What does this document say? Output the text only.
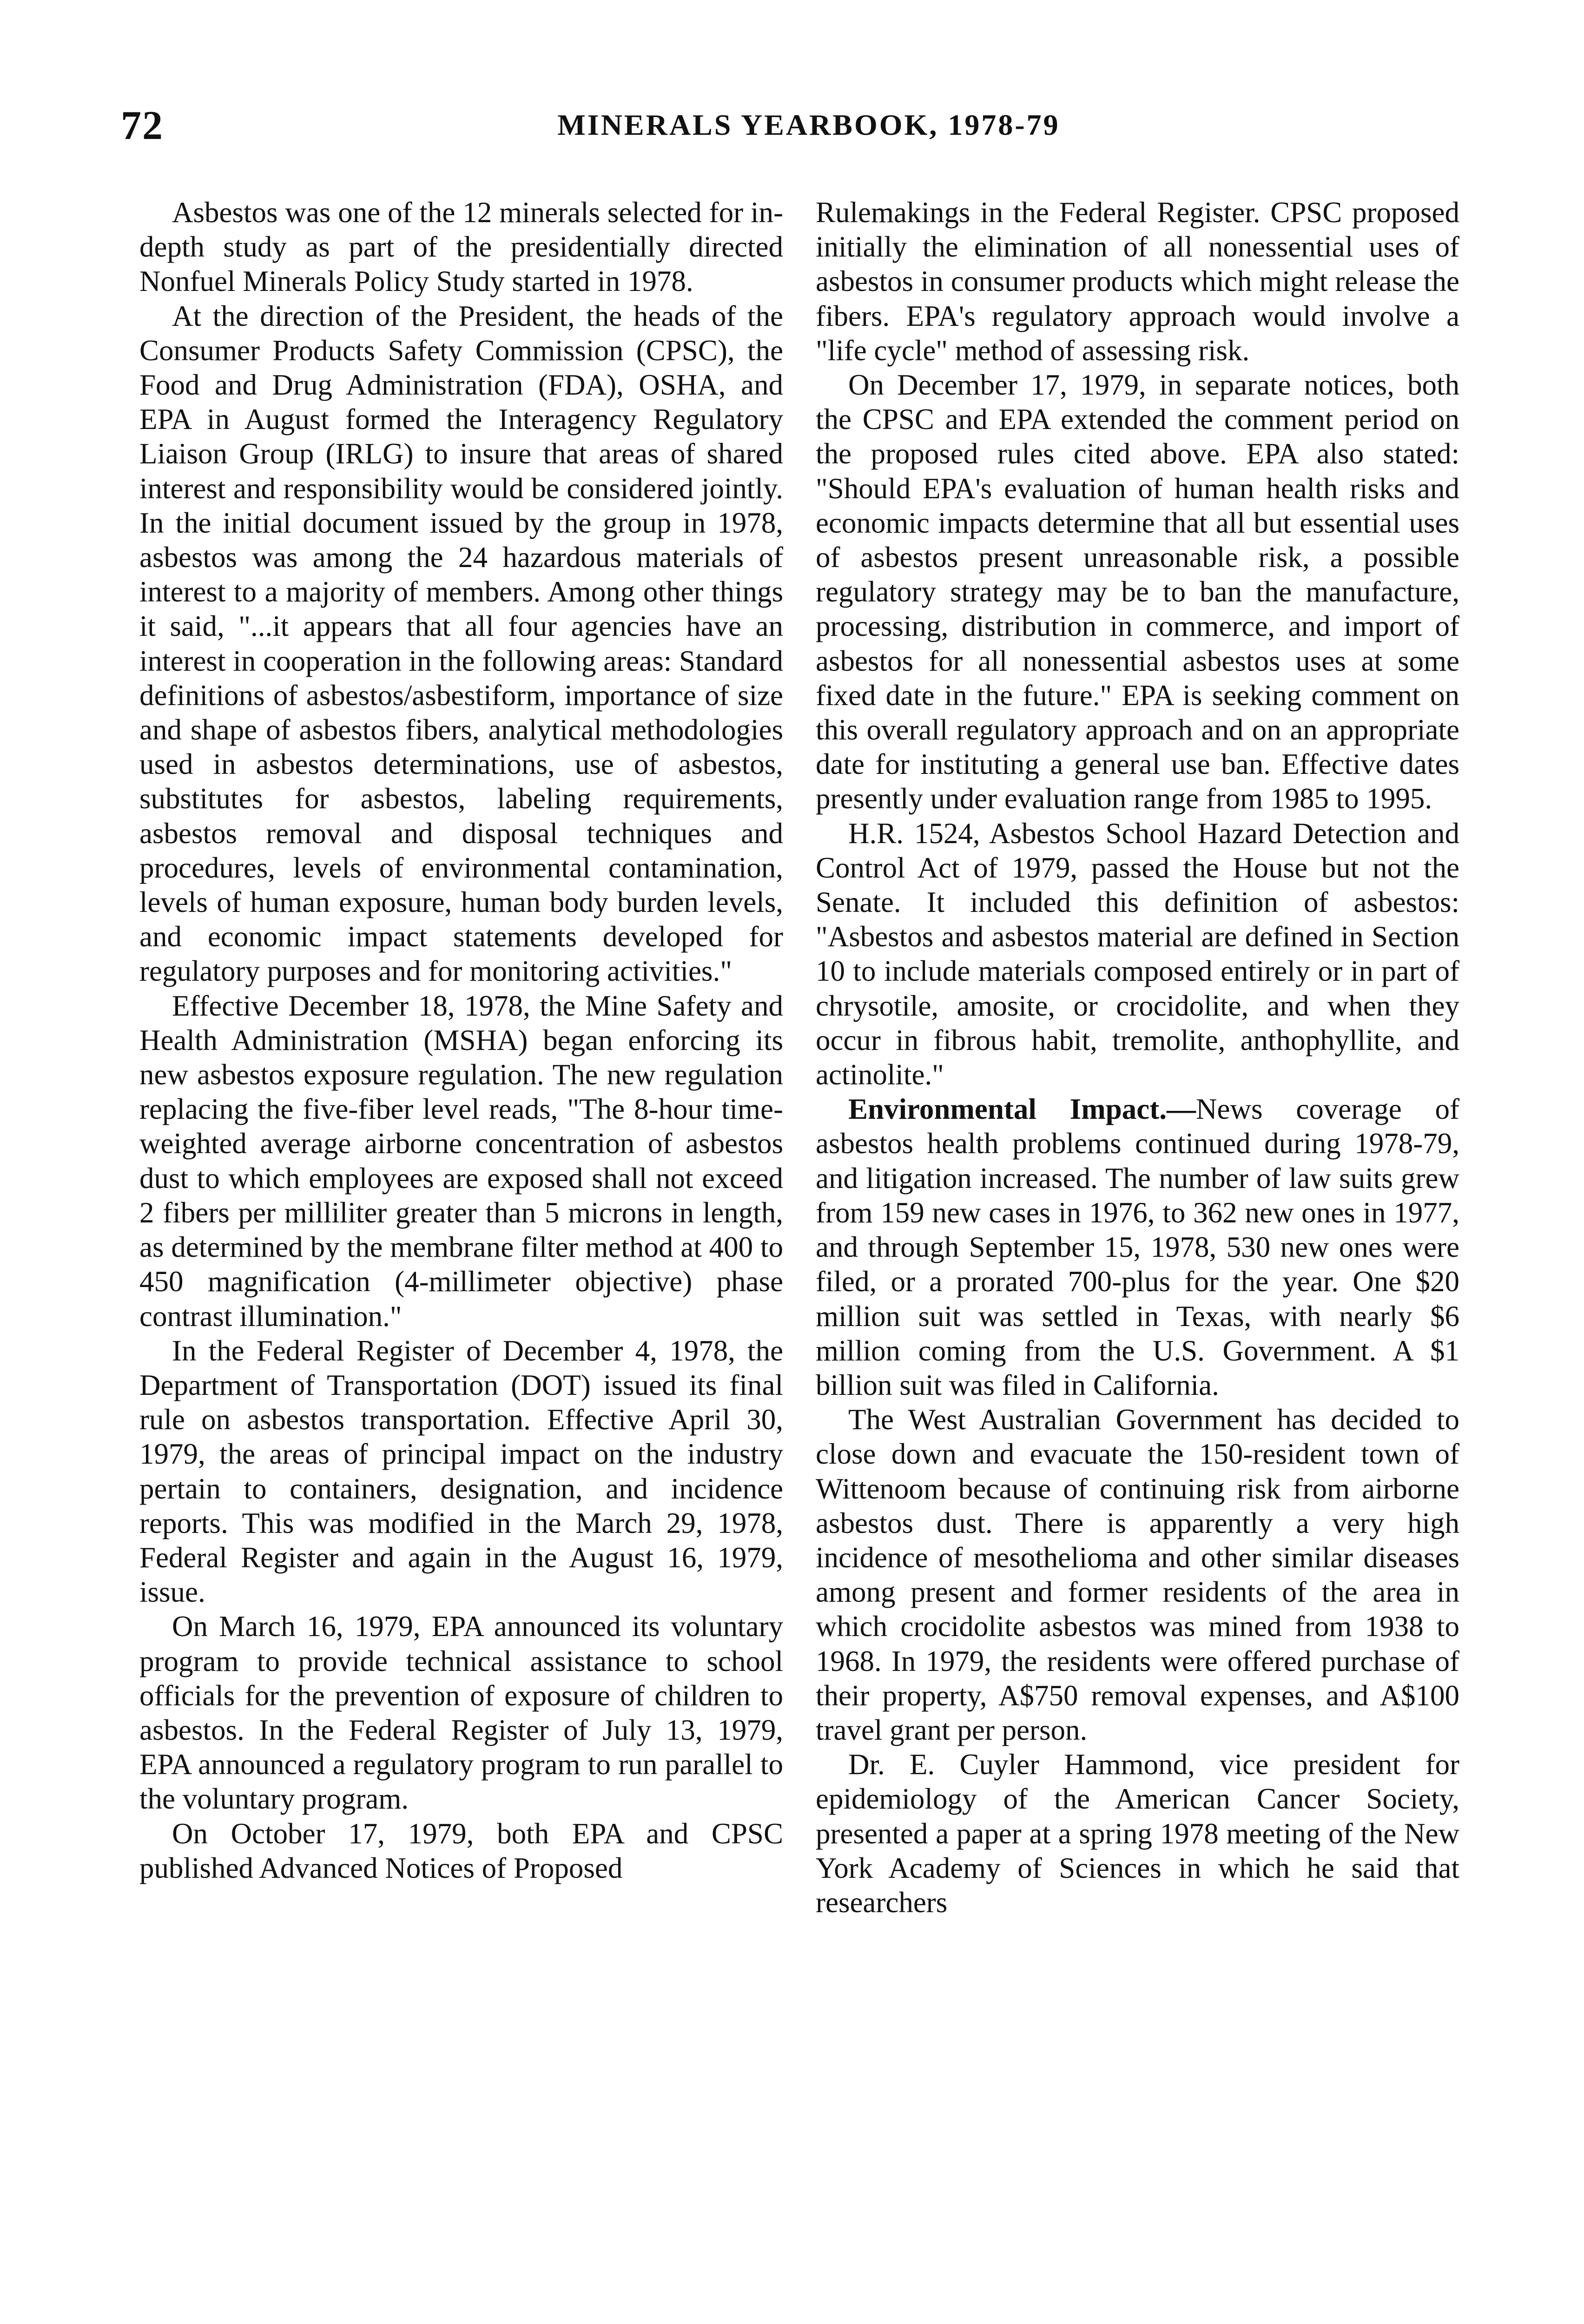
72	MINERALS YEARBOOK, 1978-79

Asbestos was one of the 12 minerals selected for in-depth study as part of the presidentially directed Nonfuel Minerals Policy Study started in 1978.

At the direction of the President, the heads of the Consumer Products Safety Commission (CPSC), the Food and Drug Administration (FDA), OSHA, and EPA in August formed the Interagency Regulatory Liaison Group (IRLG) to insure that areas of shared interest and responsibility would be considered jointly. In the initial document issued by the group in 1978, asbestos was among the 24 hazardous materials of interest to a majority of members. Among other things it said, "...it appears that all four agencies have an interest in cooperation in the following areas: Standard definitions of asbestos/asbestiform, importance of size and shape of asbestos fibers, analytical methodologies used in asbestos determinations, use of asbestos, substitutes for asbestos, labeling requirements, asbestos removal and disposal techniques and procedures, levels of environmental contamination, levels of human exposure, human body burden levels, and economic impact statements developed for regulatory purposes and for monitoring activities."

Effective December 18, 1978, the Mine Safety and Health Administration (MSHA) began enforcing its new asbestos exposure regulation. The new regulation replacing the five-fiber level reads, "The 8-hour time-weighted average airborne concentration of asbestos dust to which employees are exposed shall not exceed 2 fibers per milliliter greater than 5 microns in length, as determined by the membrane filter method at 400 to 450 magnification (4-millimeter objective) phase contrast illumination."

In the Federal Register of December 4, 1978, the Department of Transportation (DOT) issued its final rule on asbestos transportation. Effective April 30, 1979, the areas of principal impact on the industry pertain to containers, designation, and incidence reports. This was modified in the March 29, 1978, Federal Register and again in the August 16, 1979, issue.

On March 16, 1979, EPA announced its voluntary program to provide technical assistance to school officials for the prevention of exposure of children to asbestos. In the Federal Register of July 13, 1979, EPA announced a regulatory program to run parallel to the voluntary program.

On October 17, 1979, both EPA and CPSC published Advanced Notices of Proposed

Rulemakings in the Federal Register. CPSC proposed initially the elimination of all nonessential uses of asbestos in consumer products which might release the fibers. EPA's regulatory approach would involve a "life cycle" method of assessing risk.

On December 17, 1979, in separate notices, both the CPSC and EPA extended the comment period on the proposed rules cited above. EPA also stated: "Should EPA's evaluation of human health risks and economic impacts determine that all but essential uses of asbestos present unreasonable risk, a possible regulatory strategy may be to ban the manufacture, processing, distribution in commerce, and import of asbestos for all nonessential asbestos uses at some fixed date in the future." EPA is seeking comment on this overall regulatory approach and on an appropriate date for instituting a general use ban. Effective dates presently under evaluation range from 1985 to 1995.

H.R. 1524, Asbestos School Hazard Detection and Control Act of 1979, passed the House but not the Senate. It included this definition of asbestos: "Asbestos and asbestos material are defined in Section 10 to include materials composed entirely or in part of chrysotile, amosite, or crocidolite, and when they occur in fibrous habit, tremolite, anthophyllite, and actinolite."

Environmental Impact.—News coverage of asbestos health problems continued during 1978-79, and litigation increased. The number of law suits grew from 159 new cases in 1976, to 362 new ones in 1977, and through September 15, 1978, 530 new ones were filed, or a prorated 700-plus for the year. One $20 million suit was settled in Texas, with nearly $6 million coming from the U.S. Government. A $1 billion suit was filed in California.

The West Australian Government has decided to close down and evacuate the 150-resident town of Wittenoom because of continuing risk from airborne asbestos dust. There is apparently a very high incidence of mesothelioma and other similar diseases among present and former residents of the area in which crocidolite asbestos was mined from 1938 to 1968. In 1979, the residents were offered purchase of their property, A$750 removal expenses, and A$100 travel grant per person.

Dr. E. Cuyler Hammond, vice president for epidemiology of the American Cancer Society, presented a paper at a spring 1978 meeting of the New York Academy of Sciences in which he said that researchers
